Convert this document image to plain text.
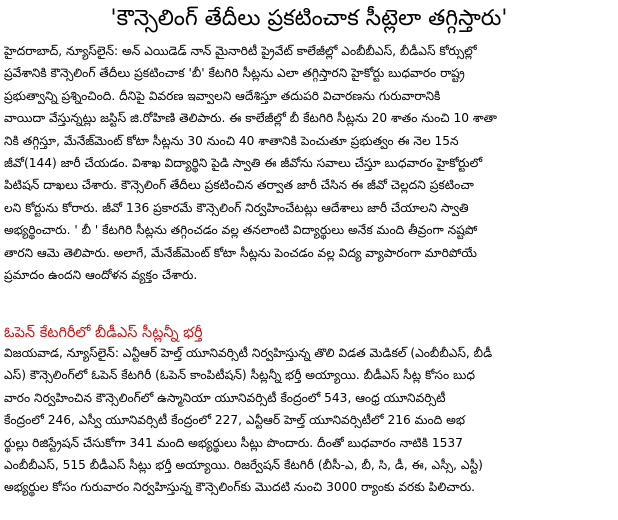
'కౌన్సెలింగ్ తేదీలు ప్రకటించాక సీట్లెలా తగ్గిస్తారు'
హైదరాబాద్, న్యూస్‌లైన్: అన్ ఎయిడెడ్ నాన్ మైనారిటీ ప్రైవేట్ కాలేజీల్లో ఎంబీబీఎస్, బీడీఎస్ కోర్సుల్లో
ప్రవేశానికి కౌన్సెలింగ్ తేదీలు ప్రకటించాక 'బీ' కేటగిరి సీట్లను ఎలా తగ్గిస్తారని హైకోర్టు బుధవారం రాష్ట్ర
ప్రభుత్వాన్ని ప్రశ్నించింది. దీనిపై వివరణ ఇవ్వాలని ఆదేశిస్తూ తదుపరి విచారణను గురువారానికి
వాయిదా వేస్తున్నట్లు జస్టిస్ జి.రోహిణి తెలిపారు. ఈ కాలేజీల్లో బీ కేటగిరి సీట్లను 20 శాతం నుంచి 10 శాతా
నికి తగ్గిస్తూ, మేనేజ్‌మెంట్ కోటా సీట్లను 30 నుంచి 40 శాతానికి పెంచుతూ ప్రభుత్వం ఈ నెల 15న
జీవో(144) జారీ చేయడం. విశాఖ విద్యార్థిని పైడి స్వాతి ఈ జీవోను సవాలు చేస్తూ బుధవారం హైకోర్టులో
పిటిషన్ దాఖలు చేశారు. కౌన్సెలింగ్ తేదీలు ప్రకటించిన తర్వాత జారీ చేసిన ఈ జీవో చెల్లదని ప్రకటించా
లని కోర్టును కోరారు. జీవో 136 ప్రకారమే కౌన్సెలింగ్ నిర్వహించేటట్లు ఆదేశాలు జారీ చేయాలని స్వాతి
అభ్యర్థించారు. ' బీ ' కేటగిరి సీట్లను తగ్గించడం వల్ల తనలాంటి విద్యార్థులు అనేక మంది తీవ్రంగా నష్టపో
తారని ఆమె తెలిపారు. అలాగే, మేనేజ్‌మెంట్ కోటా సీట్లను పెంచడం వల్ల విద్య వ్యాపారంగా మారిపోయే
ప్రమాదం ఉందని ఆందోళన వ్యక్తం చేశారు.
ఓపెన్ కేటగిరీలో బీడీఎస్ సీట్లన్నీ భర్తీ
విజయవాడ, న్యూస్‌లైన్: ఎన్టీఆర్ హెల్త్ యూనివర్సిటీ నిర్వహిస్తున్న తొలి విడత మెడికల్ (ఎంబీబీఎస్, బీడీ
ఎస్) కౌన్సెలింగ్‌లో ఓపెన్ కేటగిరీ (ఓపెన్ కాంపిటీషన్) సీట్లన్నీ భర్తీ అయ్యాయి. బీడీఎస్ సీట్ల కోసం బుధ
వారం నిర్వహించిన కౌన్సెలింగ్‌లో ఉస్మానియా యూనివర్సిటీ కేంద్రంలో 543, ఆంధ్ర యూనివర్సిటీ
కేంద్రంలో 246, ఎస్వీ యూనివర్సిటీ కేంద్రంలో 227, ఎన్టీఆర్ హెల్త్ యూనివర్సిటీలో 216 మంది అభ
ర్థుల్లు రిజిస్ట్రేషన్ చేసుకోగా 341 మంది అభ్యర్థులు సీట్లు పొందారు. దీంతో బుధవారం నాటికి 1537
ఎంబీబీఎస్, 515 బీడీఎస్ సీట్లు భర్తీ అయ్యాయి. రిజర్వేషన్ కేటగిరీ (బీసీ-ఎ, బీ, సి, డీ, ఈ, ఎస్సీ, ఎస్టీ)
అభ్యర్థుల కోసం గురువారం నిర్వహిస్తున్న కౌన్సెలింగ్‌కు మొదటి నుంచి 3000 ర్యాంకు వరకు పిలిచారు.
